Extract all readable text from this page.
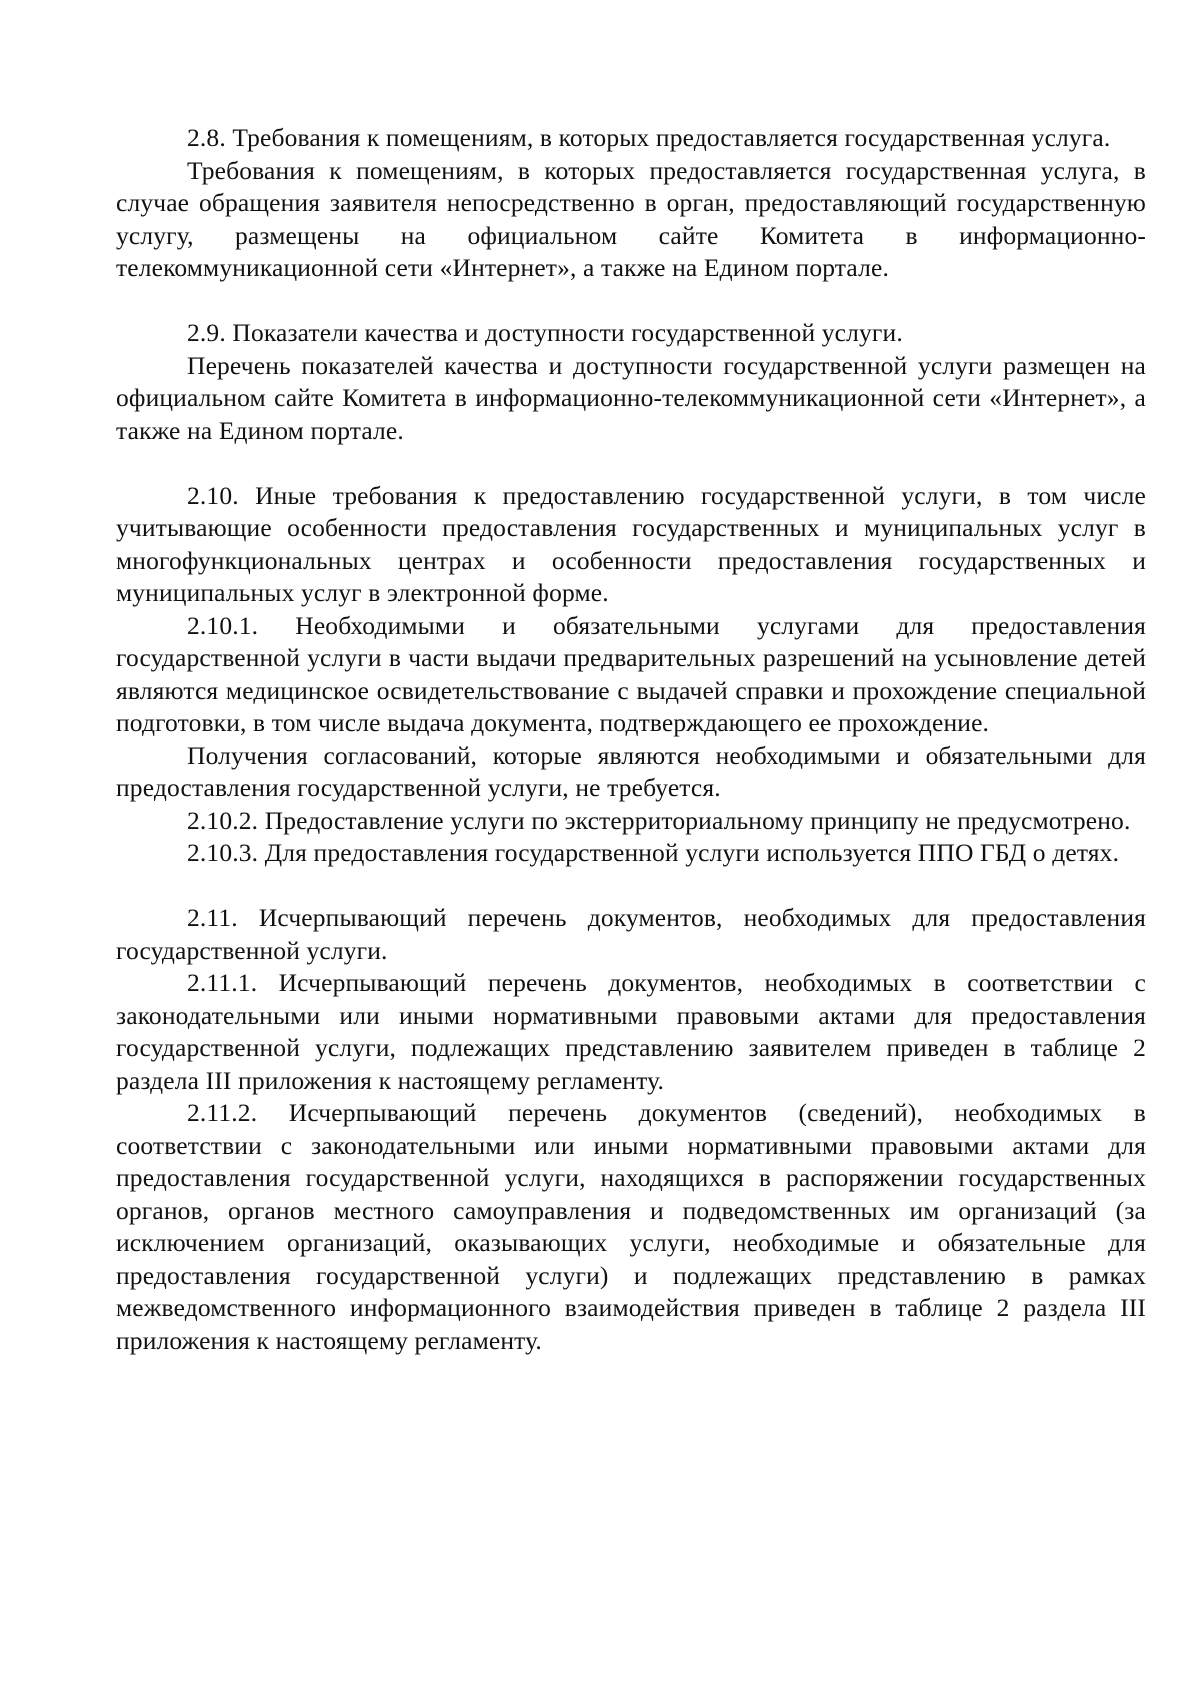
2.8. Требования к помещениям, в которых предоставляется государственная услуга.

Требования к помещениям, в которых предоставляется государственная услуга, в случае обращения заявителя непосредственно в орган, предоставляющий государственную услугу, размещены на официальном сайте Комитета в информационно-телекоммуникационной сети «Интернет», а также на Едином портале.

2.9. Показатели качества и доступности государственной услуги.

Перечень показателей качества и доступности государственной услуги размещен на официальном сайте Комитета в информационно-телекоммуникационной сети «Интернет», а также на Едином портале.

2.10. Иные требования к предоставлению государственной услуги, в том числе учитывающие особенности предоставления государственных и муниципальных услуг в многофункциональных центрах и особенности предоставления государственных и муниципальных услуг в электронной форме.

2.10.1. Необходимыми и обязательными услугами для предоставления государственной услуги в части выдачи предварительных разрешений на усыновление детей являются медицинское освидетельствование с выдачей справки и прохождение специальной подготовки, в том числе выдача документа, подтверждающего ее прохождение.

Получения согласований, которые являются необходимыми и обязательными для предоставления государственной услуги, не требуется.

2.10.2. Предоставление услуги по экстерриториальному принципу не предусмотрено.

2.10.3. Для предоставления государственной услуги используется ППО ГБД о детях.

2.11. Исчерпывающий перечень документов, необходимых для предоставления государственной услуги.

2.11.1. Исчерпывающий перечень документов, необходимых в соответствии с законодательными или иными нормативными правовыми актами для предоставления государственной услуги, подлежащих представлению заявителем приведен в таблице 2 раздела III приложения к настоящему регламенту.

2.11.2. Исчерпывающий перечень документов (сведений), необходимых в соответствии с законодательными или иными нормативными правовыми актами для предоставления государственной услуги, находящихся в распоряжении государственных органов, органов местного самоуправления и подведомственных им организаций (за исключением организаций, оказывающих услуги, необходимые и обязательные для предоставления государственной услуги) и подлежащих представлению в рамках межведомственного информационного взаимодействия приведен в таблице 2 раздела III приложения к настоящему регламенту.
